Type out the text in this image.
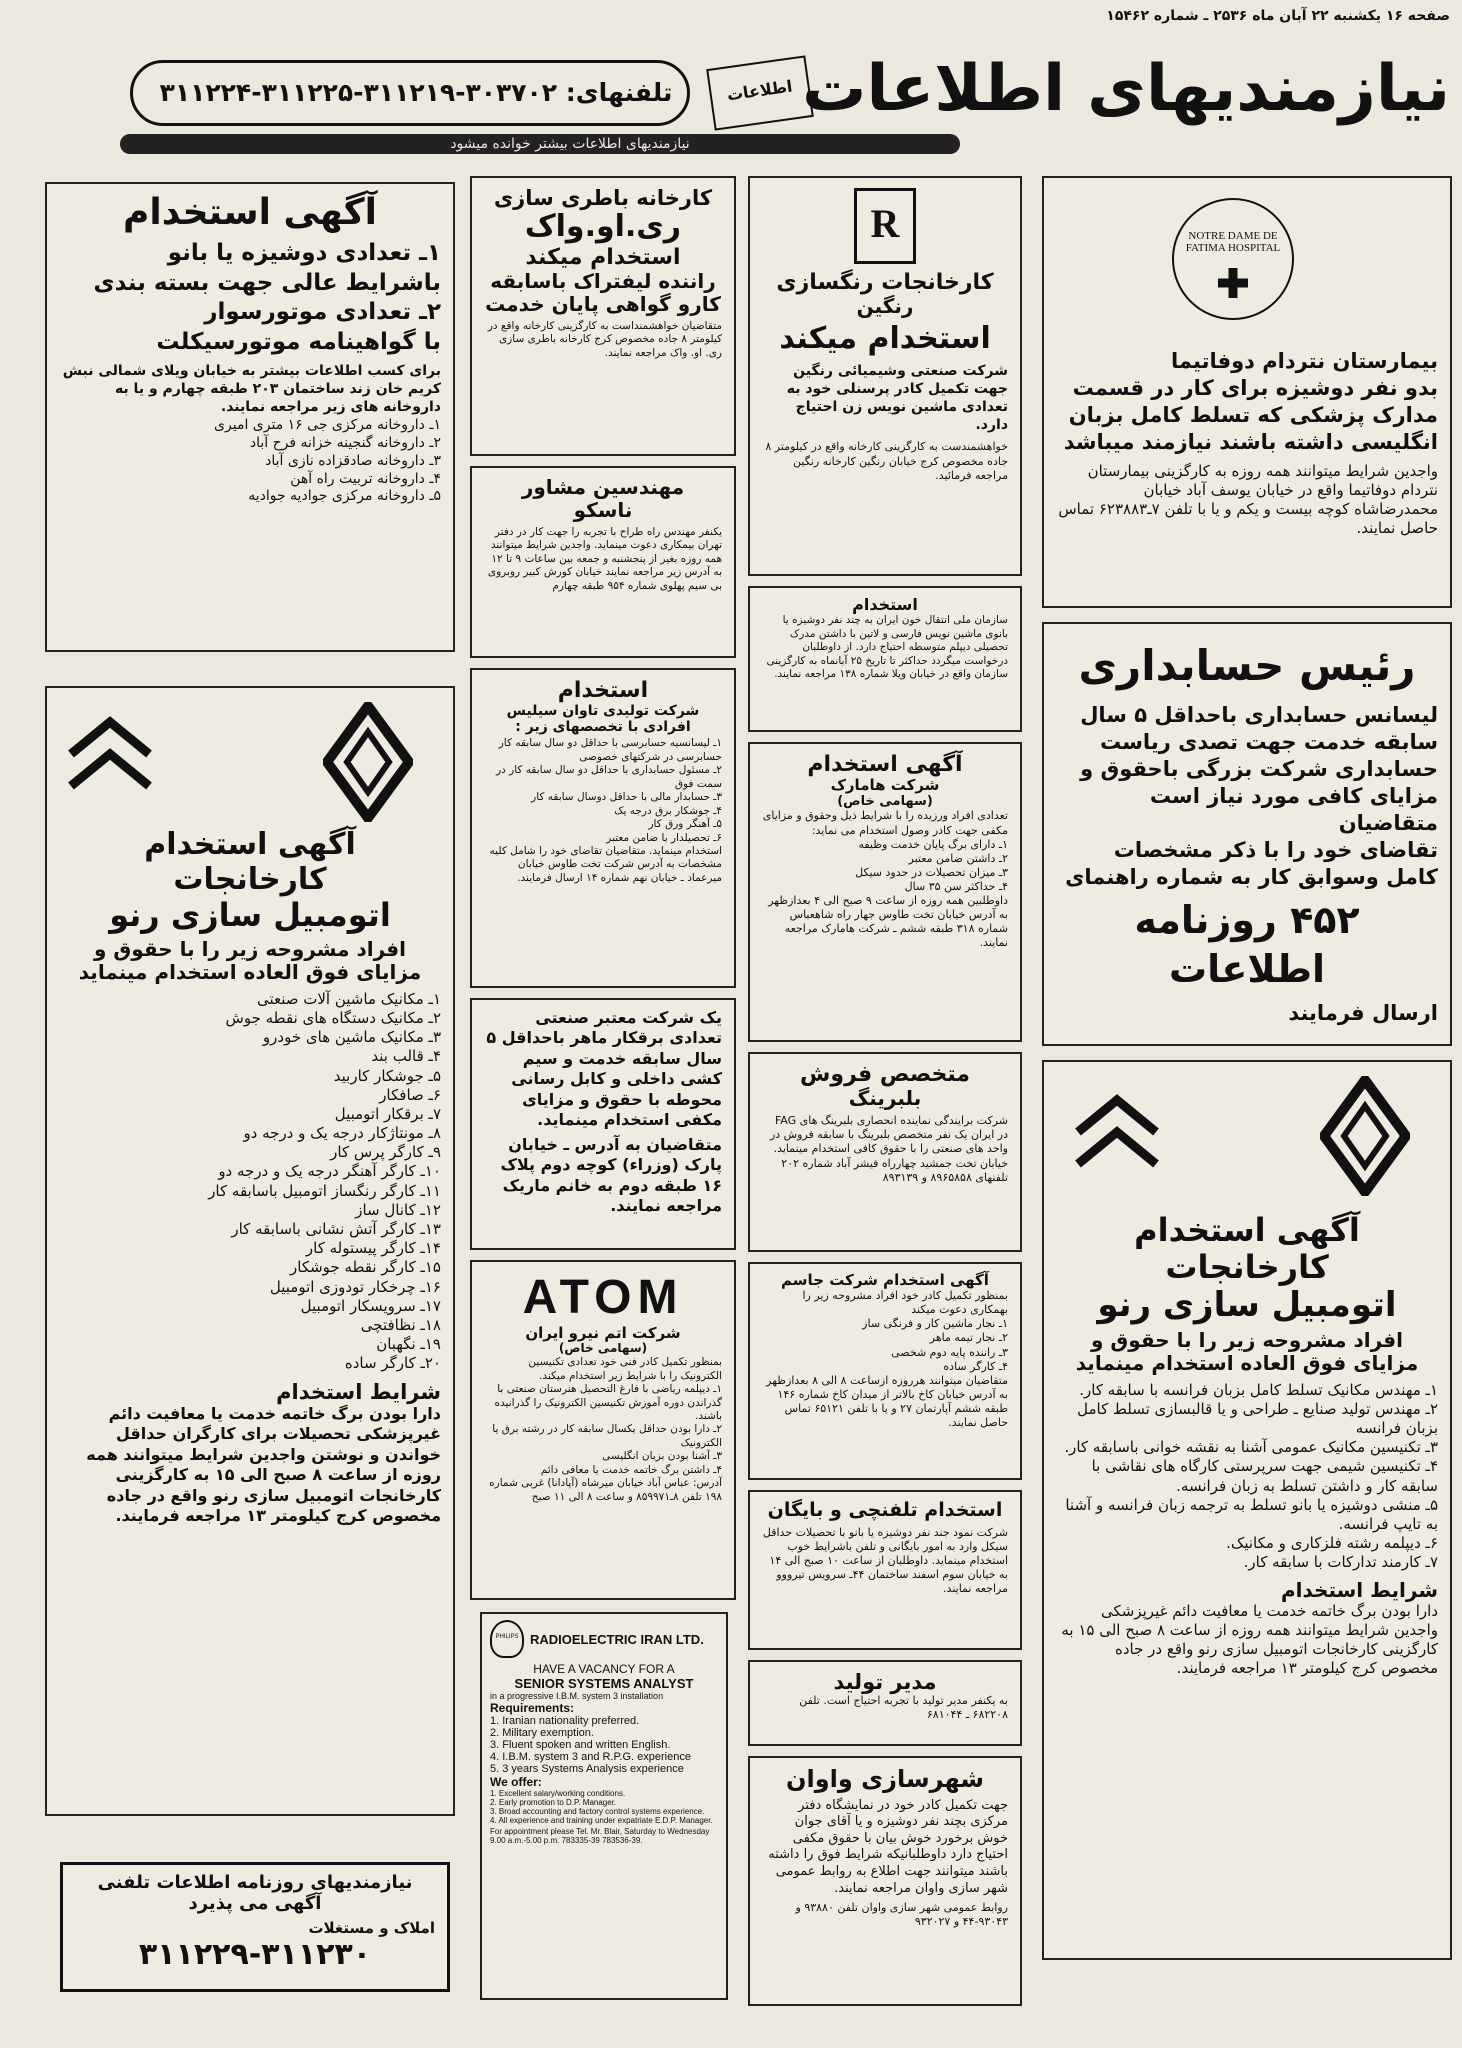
صفحه ۱۶ یکشنبه ۲۲ آبان ماه ۲۵۳۶ ـ شماره ۱۵۴۶۲
نیازمندیهای اطلاعات
تلفنهای: ۳۰۳۷۰۲-۳۱۱۲۱۹-۳۱۱۲۲۵-۳۱۱۲۲۴	اطلاعات
نیازمندیهای اطلاعات بیشتر خوانده میشود
NOTRE DAME DE FATIMA HOSPITAL

بیمارستان نتردام دوفاتیما

بدو نفر دوشیزه برای کار در قسمت

مدارک پزشکی که تسلط کامل بزبان

انگلیسی داشته باشند نیازمند میباشد

واجدین شرایط میتوانند همه روزه به کارگزینی بیمارستان نتردام دوفاتیما واقع در خیابان یوسف آباد خیابان محمدرضاشاه کوچه بیست و یکم و یا با تلفن ۷ـ۶۲۳۸۸۳ تماس حاصل نمایند.

رئیس حسابداری

لیسانس حسابداری باحداقل ۵ سال

سابقه خدمت جهت تصدی ریاست

حسابداری شرکت بزرگی باحقوق و

مزایای کافی مورد نیاز است متقاضیان

تقاضای خود را با ذکر مشخصات

کامل وسوابق کار به شماره راهنمای

۴۵۲ روزنامه اطلاعات

ارسال فرمایند

آگهی استخدام
کارخانجات
اتومبیل سازی رنو
افراد مشروحه زیر را با حقوق و
مزایای فوق العاده استخدام مینماید

۱ـ مهندس مکانیک تسلط کامل بزبان فرانسه با سابقه کار.

۲ـ مهندس تولید صنایع ـ طراحی و یا قالبسازی تسلط کامل بزبان فرانسه

۳ـ تکنیسین مکانیک عمومی آشنا به نقشه خوانی باسابقه کار.

۴ـ تکنیسین شیمی جهت سرپرستی کارگاه های نقاشی با سابقه کار و داشتن تسلط به زبان فرانسه.

۵ـ منشی دوشیزه یا بانو تسلط به ترجمه زبان فرانسه و آشنا به تایپ فرانسه.

۶ـ دیپلمه رشته فلزکاری و مکانیک.

۷ـ کارمند تدارکات با سابقه کار.

شرایط استخدام

دارا بودن برگ خاتمه خدمت یا معافیت دائم غیرپزشکی واجدین شرایط میتوانند همه روزه از ساعت ۸ صبح الی ۱۵ به کارگزینی کارخانجات اتومبیل سازی رنو واقع در جاده مخصوص کرج کیلومتر ۱۳ مراجعه فرمایند.

R
کارخانجات رنگسازی
رنگین
استخدام میکند

شرکت صنعتی وشیمیائی رنگین جهت تکمیل کادر پرسنلی خود به تعدادی ماشین نویس زن احتیاج دارد.

خواهشمندست به کارگزینی کارخانه واقع در کیلومتر ۸ جاده مخصوص کرج خیابان رنگین کارخانه رنگین مراجعه فرمائید.

استخدام

سازمان ملی انتقال خون ایران به چند نفر دوشیزه یا بانوی ماشین نویس فارسی و لاتین با داشتن مدرک تحصیلی دیپلم متوسطه احتیاج دارد. از داوطلبان درخواست میگردد حداکثر تا تاریخ ۲۵ آبانماه به کارگزینی سازمان واقع در خیابان ویلا شماره ۱۳۸ مراجعه نمایند.

آگهی استخدام
شرکت هامارک
(سهامی خاص)

تعدادی افراد ورزیده را با شرایط ذیل وحقوق و مزایای مکفی جهت کادر وصول استخدام می نماید:

۱ـ دارای برگ پایان خدمت وظیفه

۲ـ داشتن ضامن معتبر

۳ـ میزان تحصیلات در حدود سیکل

۴ـ حداکثر سن ۳۵ سال

داوطلبین همه روزه از ساعت ۹ صبح الی ۴ بعدازظهر به آدرس خیابان تخت طاوس جهار راه شاهعباس شماره ۳۱۸ طبقه ششم ـ شرکت هامارک مراجعه نمایند.

متخصص فروش
بلبرینگ

شرکت برایندگی نماینده انحصاری بلبرینگ های FAG در ایران یک نفر متخصص بلبرینگ با سابقه فروش در واحد های صنعتی را با حقوق کافی استخدام مینماید.

خیابان تخت جمشید چهارراه فیشر آباد شماره ۲۰۲ تلفنهای ۸۹۶۵۸۵۸ و ۸۹۳۱۳۹

آگهی استخدام شرکت جاسم

بمنظور تکمیل کادر خود افراد مشروحه زیر را بهمکاری دعوت میکند

۱ـ نجار ماشین کار و فرنگی ساز

۲ـ نجار تیمه ماهر

۳ـ راننده پایه دوم شخصی

۴ـ کارگر ساده

متقاضیان میتوانند هرروزه ازساعت ۸ الی ۸ بعدازظهر به آدرس خیابان کاخ بالاتر از میدان کاخ شماره ۱۴۶ طبقه ششم آپارتمان ۲۷ و یا با تلفن ۶۵۱۲۱ تماس حاصل نمایند.

استخدام تلفنچی و بایگان

شرکت نمود جند نفر دوشیزه یا بانو با تحصیلات حداقل سیکل وارد به امور بایگانی و تلفن باشرایط خوب استخدام مینماید. داوطلبان از ساعت ۱۰ صبح الی ۱۴ به خیابان سوم اسفند ساختمان ۴۴ـ سرویس تیرووو مراجعه نمایند.

مدیر تولید

به یکنفر مدیر تولید با تجربه احتیاج است. تلفن ۶۸۲۲۰۸ ـ ۶۸۱۰۴۴

شهرسازی واوان

جهت تکمیل کادر خود در نمایشگاه دفتر مرکزی بچند نفر دوشیزه و یا آقای جوان خوش برخورد خوش بیان با حقوق مکفی احتیاج دارد داوطلبانیکه شرایط فوق را داشته باشند میتوانند جهت اطلاع به روابط عمومی شهر سازی واوان مراجعه نمایند.

روابط عمومی شهر سازی واوان تلفن ۹۳۸۸۰ و ۹۳۰۴۳-۴۴ و ۹۳۲۰۲۷

کارخانه باطری سازی
ری.او.واک
استخدام میکند
راننده لیفتراک باسابقه
کارو گواهی پایان خدمت

متقاضیان خواهشمنداست به کارگزینی کارخانه واقع در کیلومتر ۸ جاده مخصوص کرج کارخانه باطری سازی ری. او. واک مراجعه نمایند.

مهندسین مشاور
ناسکو

یکنفر مهندس راه طراح با تجربه را جهت کار در دفتر تهران بیمکاری دعوت مینماید. واجدین شرایط میتوانند همه روزه بغیر از پنجشنبه و جمعه بین ساعات ۹ تا ۱۲ به آدرس زیر مراجعه نمایند خیابان کورش کبیر روبروی بی سیم پهلوی شماره ۹۵۴ طبقه چهارم

استخدام
شرکت تولیدی تاوان سیلیس
افرادی با تخصصهای زیر :

۱ـ لیسانسیه حسابرسی با حداقل دو سال سابقه کار حسابرسی در شرکتهای خصوصی

۲ـ مسئول حسابداری با حداقل دو سال سابقه کار در سمت فوق

۳ـ حسابدار مالی با حداقل دوسال سابقه کار

۴ـ جوشکار برق درجه یک

۵ـ آهنگر ورق کار

۶ـ تحصیلدار با ضامن معتبر

استخدام مینماید. متقاضیان تقاضای خود را شامل کلیه مشخصات به آدرس شرکت تخت طاوس خیابان میرعماد ـ خیابان نهم شماره ۱۴ ارسال فرمایند.

یک شرکت معتبر صنعتی تعدادی برقکار ماهر باحداقل ۵ سال سابقه خدمت و سیم کشی داخلی و کابل رسانی محوطه با حقوق و مزایای مکفی استخدام مینماید.

متقاضیان به آدرس ـ خیابان پارک (وزراء) کوچه دوم پلاک ۱۶ طبقه دوم به خانم ماریک مراجعه نمایند.

ATOM
شرکت اتم نیرو ایران
(سهامی خاص)

بمنظور تکمیل کادر فنی خود تعدادی تکنیسین الکترونیک را با شرایط زیر استخدام میکند.

۱ـ دیپلمه ریاضی با فارغ التحصیل هنرستان صنعتی با گذراندن دوره آموزش تکنیسین الکترونیک را گذرانیده باشند.

۲ـ دارا بودن حداقل یکسال سابقه کار در رشته برق یا الکترونیک

۳ـ آشنا بودن بزبان انگلیسی

۴ـ داشتن برگ خاتمه خدمت یا معافی دائم

آدرس: عباس آباد خیابان میرشاه (آپادانا) غربی شماره ۱۹۸ تلفن ۸ـ۸۵۹۹۷۱ و ساعت ۸ الی ۱۱ صبح

PHILIPS RADIOELECTRIC IRAN LTD.
HAVE A VACANCY FOR A
SENIOR SYSTEMS ANALYST
in a progressive I.B.M. system 3 installation
Requirements:
1. Iranian nationality preferred.
2. Military exemption.
3. Fluent spoken and written English.
4. I.B.M. system 3 and R.P.G. experience
5. 3 years Systems Analysis experience
We offer:
1. Excellent salary/working conditions.
2. Early promotion to D.P. Manager.
3. Broad accounting and factory control systems experience.
4. All experience and training under expatriate E.D.P. Manager.
For appointment please Tel. Mr. Blair, Saturday to Wednesday 9.00 a.m.-5.00 p.m. 783335-39 783536-39.
آگهی استخدام

۱ـ تعدادی دوشیزه یا بانو

باشرایط عالی جهت بسته بندی

۲ـ تعدادی موتورسوار

با گواهینامه موتورسیکلت

برای کسب اطلاعات بیشتر به خیابان ویلای شمالی نبش کریم خان زند ساختمان ۲۰۳ طبقه چهارم و یا به داروخانه های زیر مراجعه نمایند.

۱ـ داروخانه مرکزی جی ۱۶ متری امیری

۲ـ داروخانه گنجینه خزانه فرح آباد

۳ـ داروخانه صادقزاده نازی آباد

۴ـ داروخانه تربیت راه آهن

۵ـ داروخانه مرکزی جوادیه جوادیه

آگهی استخدام
کارخانجات
اتومبیل سازی رنو
افراد مشروحه زیر را با حقوق و
مزایای فوق العاده استخدام مینماید

۱ـ مکانیک ماشین آلات صنعتی

۲ـ مکانیک دستگاه های نقطه جوش

۳ـ مکانیک ماشین های خودرو

۴ـ قالب بند

۵ـ جوشکار کاربید

۶ـ صافکار

۷ـ برقکار اتومبیل

۸ـ مونتاژکار درجه یک و درجه دو

۹ـ کارگر پرس کار

۱۰ـ کارگر آهنگر درجه یک و درجه دو

۱۱ـ کارگر رنگساز اتومبیل باسابقه کار

۱۲ـ کانال ساز

۱۳ـ کارگر آتش نشانی باسابقه کار

۱۴ـ کارگر پیستوله کار

۱۵ـ کارگر نقطه جوشکار

۱۶ـ چرخکار تودوزی اتومبیل

۱۷ـ سرویسکار اتومبیل

۱۸ـ نظافتچی

۱۹ـ نگهبان

۲۰ـ کارگر ساده

شرایط استخدام

دارا بودن برگ خاتمه خدمت یا معافیت دائم غیرپزشکی تحصیلات برای کارگران حداقل خواندن و نوشتن واجدین شرایط میتوانند همه روزه از ساعت ۸ صبح الی ۱۵ به کارگزینی کارخانجات اتومبیل سازی رنو واقع در جاده مخصوص کرج کیلومتر ۱۳ مراجعه فرمایند.

نیازمندیهای روزنامه اطلاعات تلفنی آگهی می پذیرد
املاک و مستغلات
۳۱۱۲۲۹-۳۱۱۲۳۰
